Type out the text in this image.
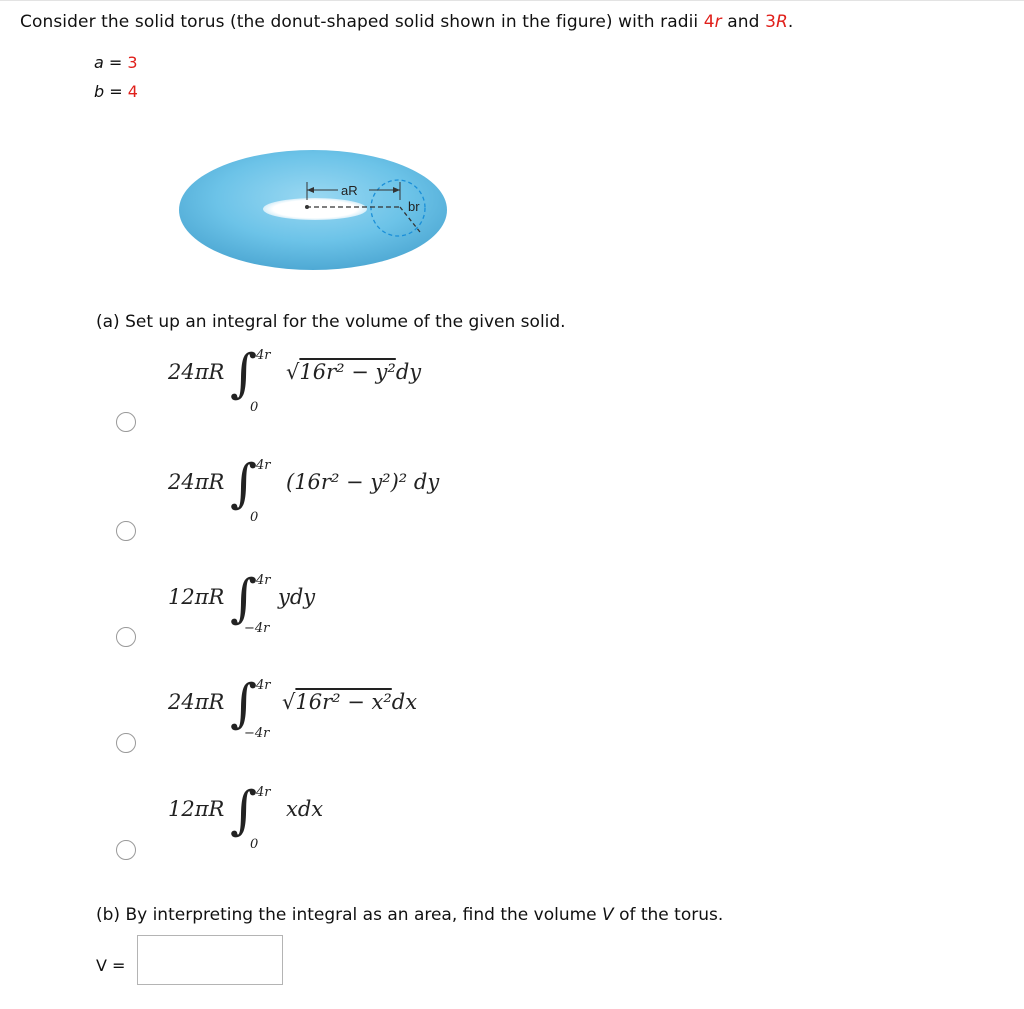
Consider the solid torus (the donut-shaped solid shown in the figure) with radii 4r and 3R.
a = 3
b = 4
aR
br
(a) Set up an integral for the volume of the given solid.
24πR ∫
4r
0
√16r² − y²dy
24πR ∫
4r
0
(16r² − y²)² dy
12πR ∫
4r
−4r
ydy
24πR ∫
4r
−4r
√16r² − x²dx
12πR ∫
4r
0
xdx
(b) By interpreting the integral as an area, find the volume V of the torus.
V =
